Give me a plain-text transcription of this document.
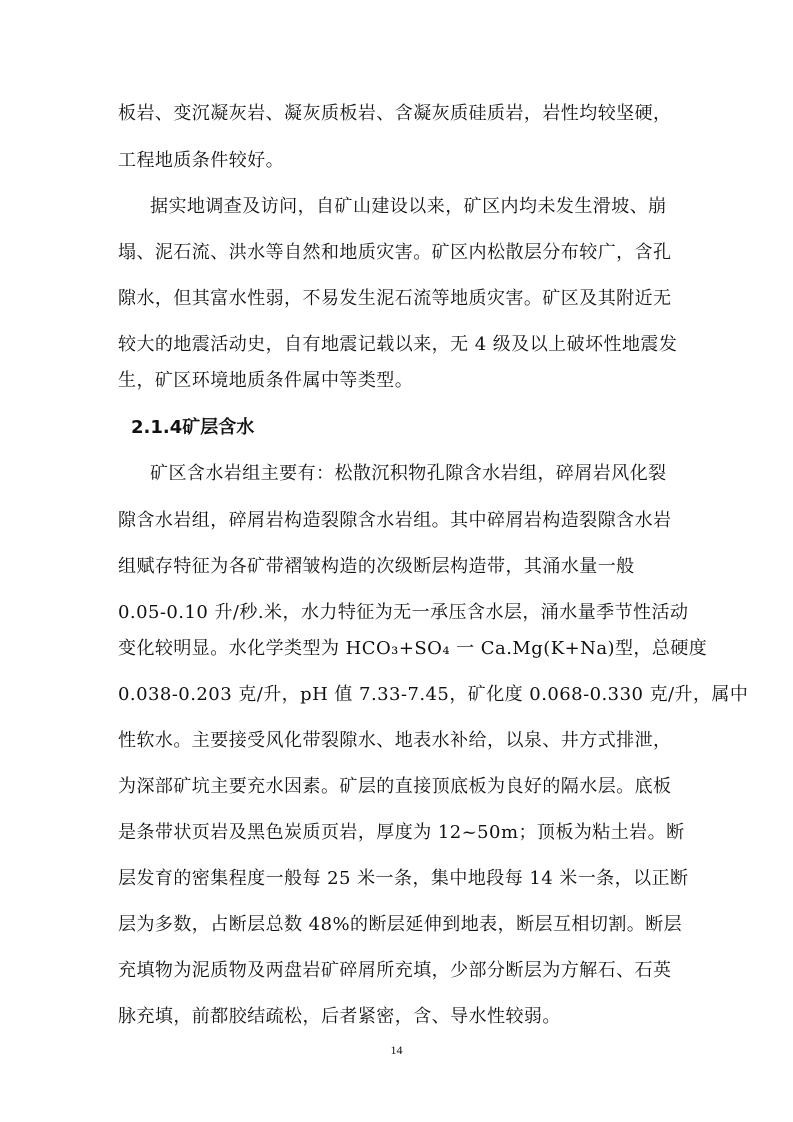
板岩、变沉凝灰岩、凝灰质板岩、含凝灰质硅质岩，岩性均较坚硬，
工程地质条件较好。
据实地调查及访问，自矿山建设以来，矿区内均未发生滑坡、崩
塌、泥石流、洪水等自然和地质灾害。矿区内松散层分布较广，含孔
隙水，但其富水性弱，不易发生泥石流等地质灾害。矿区及其附近无
较大的地震活动史，自有地震记载以来，无 4 级及以上破坏性地震发
生，矿区环境地质条件属中等类型。
2.1.4矿层含水
矿区含水岩组主要有：松散沉积物孔隙含水岩组，碎屑岩风化裂
隙含水岩组，碎屑岩构造裂隙含水岩组。其中碎屑岩构造裂隙含水岩
组赋存特征为各矿带褶皱构造的次级断层构造带，其涌水量一般
0.05-0.10 升/秒.米，水力特征为无一承压含水层，涌水量季节性活动
变化较明显。水化学类型为 HCO₃+SO₄ 一 Ca.Mg(K+Na)型，总硬度
0.038-0.203 克/升，pH 值 7.33-7.45，矿化度 0.068-0.330 克/升，属中
性软水。主要接受风化带裂隙水、地表水补给，以泉、井方式排泄，
为深部矿坑主要充水因素。矿层的直接顶底板为良好的隔水层。底板
是条带状页岩及黑色炭质页岩，厚度为 12~50m；顶板为粘土岩。断
层发育的密集程度一般每 25 米一条，集中地段每 14 米一条，以正断
层为多数，占断层总数 48%的断层延伸到地表，断层互相切割。断层
充填物为泥质物及两盘岩矿碎屑所充填，少部分断层为方解石、石英
脉充填，前都胶结疏松，后者紧密，含、导水性较弱。
14
